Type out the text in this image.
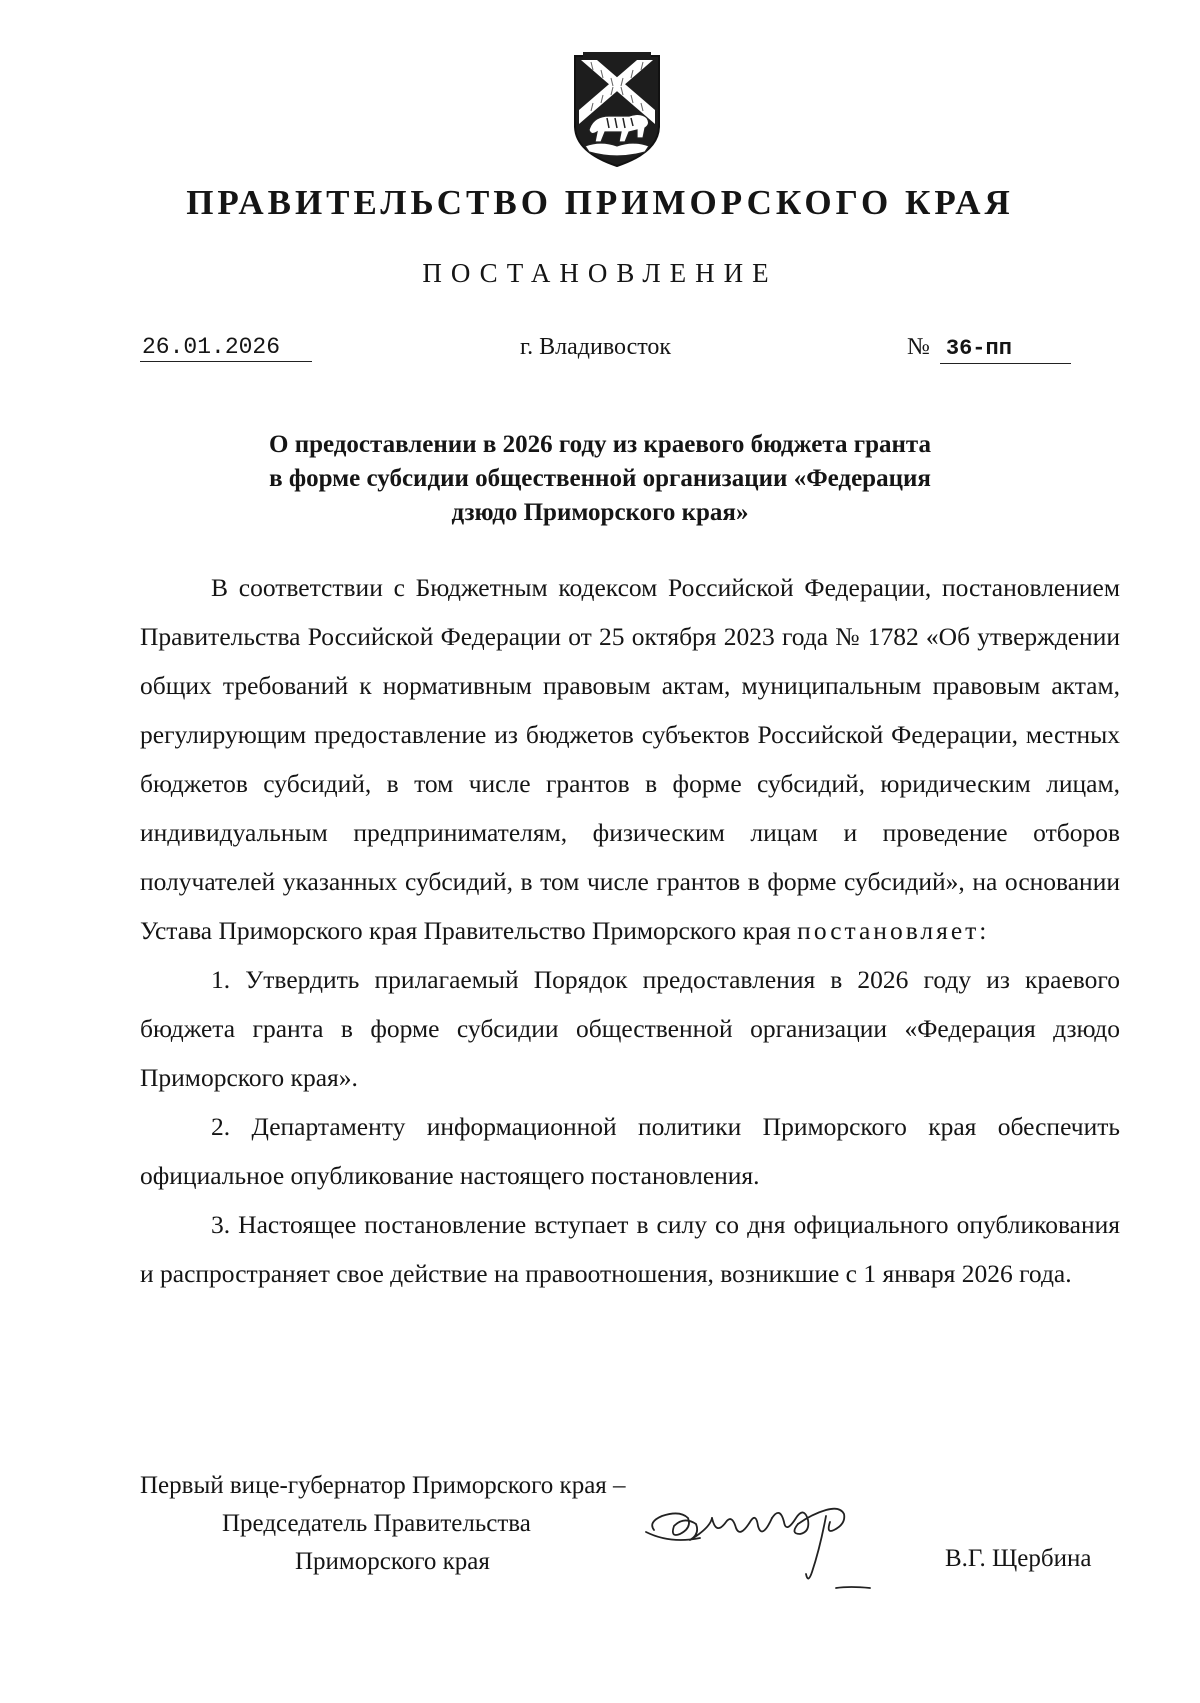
ПРАВИТЕЛЬСТВО ПРИМОРСКОГО КРАЯ
ПОСТАНОВЛЕНИЕ
26.01.2026	г. Владивосток	№ 36-пп
О предоставлении в 2026 году из краевого бюджета гранта
в форме субсидии общественной организации «Федерация
дзюдо Приморского края»

В соответствии с Бюджетным кодексом Российской Федерации, постановлением Правительства Российской Федерации от 25 октября 2023 года № 1782 «Об утверждении общих требований к нормативным правовым актам, муниципальным правовым актам, регулирующим предоставление из бюджетов субъектов Российской Федерации, местных бюджетов субсидий, в том числе грантов в форме субсидий, юридическим лицам, индивидуальным предпринимателям, физическим лицам и проведение отборов получателей указанных субсидий, в том числе грантов в форме субсидий», на основании Устава Приморского края Правительство Приморского края постановляет:

1. Утвердить прилагаемый Порядок предоставления в 2026 году из краевого бюджета гранта в форме субсидии общественной организации «Федерация дзюдо Приморского края».

2. Департаменту информационной политики Приморского края обеспечить официальное опубликование настоящего постановления.

3. Настоящее постановление вступает в силу со дня официального опубликования и распространяет свое действие на правоотношения, возникшие с 1 января 2026 года.

Первый вице-губернатор Приморского края –
Председатель Правительства
Приморского края	В.Г. Щербина
